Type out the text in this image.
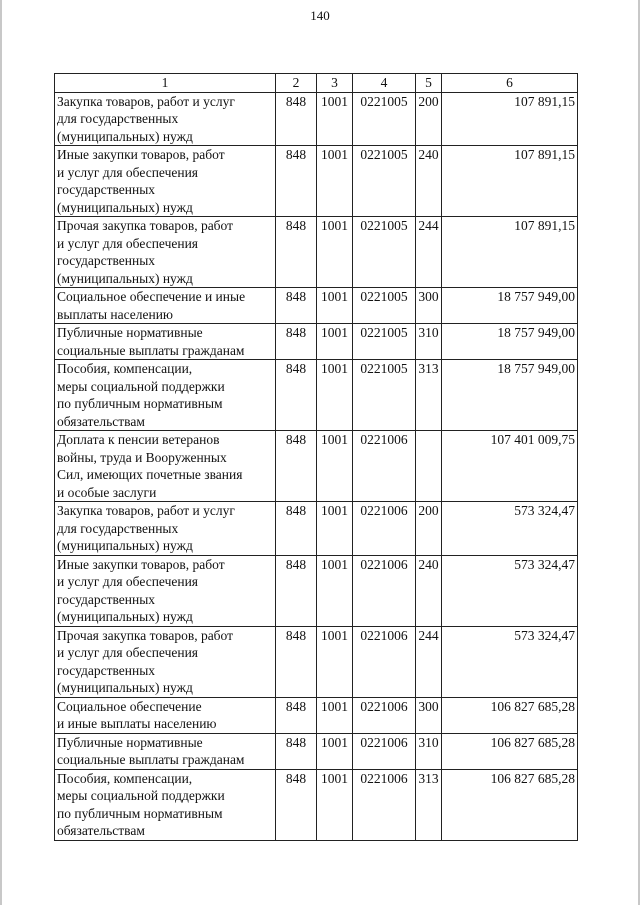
140
1	2	3	4	5	6
Закупка товаров, работ и услуг
для государственных
(муниципальных) нужд	848	1001	0221005	200	107 891,15
Иные закупки товаров, работ
и услуг для обеспечения
государственных
(муниципальных) нужд	848	1001	0221005	240	107 891,15
Прочая закупка товаров, работ
и услуг для обеспечения
государственных
(муниципальных) нужд	848	1001	0221005	244	107 891,15
Социальное обеспечение и иные
выплаты населению	848	1001	0221005	300	18 757 949,00
Публичные нормативные
социальные выплаты гражданам	848	1001	0221005	310	18 757 949,00
Пособия, компенсации,
меры социальной поддержки
по публичным нормативным
обязательствам	848	1001	0221005	313	18 757 949,00
Доплата к пенсии ветеранов
войны, труда и Вооруженных
Сил, имеющих почетные звания
и особые заслуги	848	1001	0221006		107 401 009,75
Закупка товаров, работ и услуг
для государственных
(муниципальных) нужд	848	1001	0221006	200	573 324,47
Иные закупки товаров, работ
и услуг для обеспечения
государственных
(муниципальных) нужд	848	1001	0221006	240	573 324,47
Прочая закупка товаров, работ
и услуг для обеспечения
государственных
(муниципальных) нужд	848	1001	0221006	244	573 324,47
Социальное обеспечение
и иные выплаты населению	848	1001	0221006	300	106 827 685,28
Публичные нормативные
социальные выплаты гражданам	848	1001	0221006	310	106 827 685,28
Пособия, компенсации,
меры социальной поддержки
по публичным нормативным
обязательствам	848	1001	0221006	313	106 827 685,28
